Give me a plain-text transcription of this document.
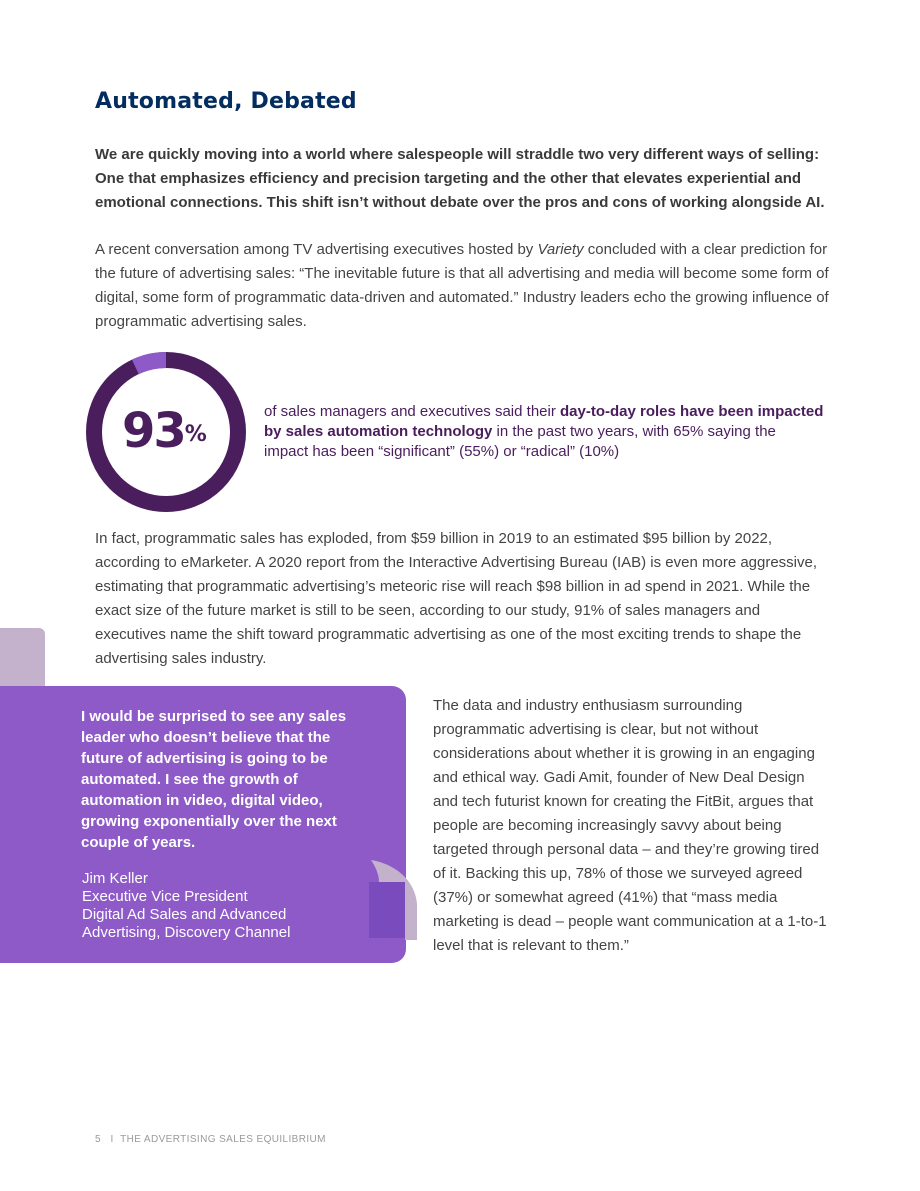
Automated, Debated

We are quickly moving into a world where salespeople will straddle two very different ways of selling: One that emphasizes efficiency and precision targeting and the other that elevates experiential and emotional connections. This shift isn’t without debate over the pros and cons of working alongside AI.

A recent conversation among TV advertising executives hosted by Variety concluded with a clear prediction for the future of advertising sales: “The inevitable future is that all advertising and media will become some form of digital, some form of programmatic data-driven and automated.” Industry leaders echo the growing influence of programmatic advertising sales.

93%

of sales managers and executives said their day-to-day roles have been impacted by sales automation technology in the past two years, with 65% saying the impact has been “significant” (55%) or “radical” (10%)

In fact, programmatic sales has exploded, from $59 billion in 2019 to an estimated $95 billion by 2022, according to eMarketer. A 2020 report from the Interactive Advertising Bureau (IAB) is even more aggressive, estimating that programmatic advertising’s meteoric rise will reach $98 billion in ad spend in 2021. While the exact size of the future market is still to be seen, according to our study, 91% of sales managers and executives name the shift toward programmatic advertising as one of the most exciting trends to shape the advertising sales industry.

I would be surprised to see any sales leader who doesn’t believe that the future of advertising is going to be automated. I see the growth of automation in video, digital video, growing exponentially over the next couple of years.

Jim Keller

Executive Vice President
Digital Ad Sales and Advanced Advertising, Discovery Channel

The data and industry enthusiasm surrounding programmatic advertising is clear, but not without considerations about whether it is growing in an engaging and ethical way. Gadi Amit, founder of New Deal Design and tech futurist known for creating the FitBit, argues that people are becoming increasingly savvy about being targeted through personal data – and they’re growing tired of it. Backing this up, 78% of those we surveyed agreed (37%) or somewhat agreed (41%) that “mass media marketing is dead – people want communication at a 1-to-1 level that is relevant to them.”

5 I THE ADVERTISING SALES EQUILIBRIUM
